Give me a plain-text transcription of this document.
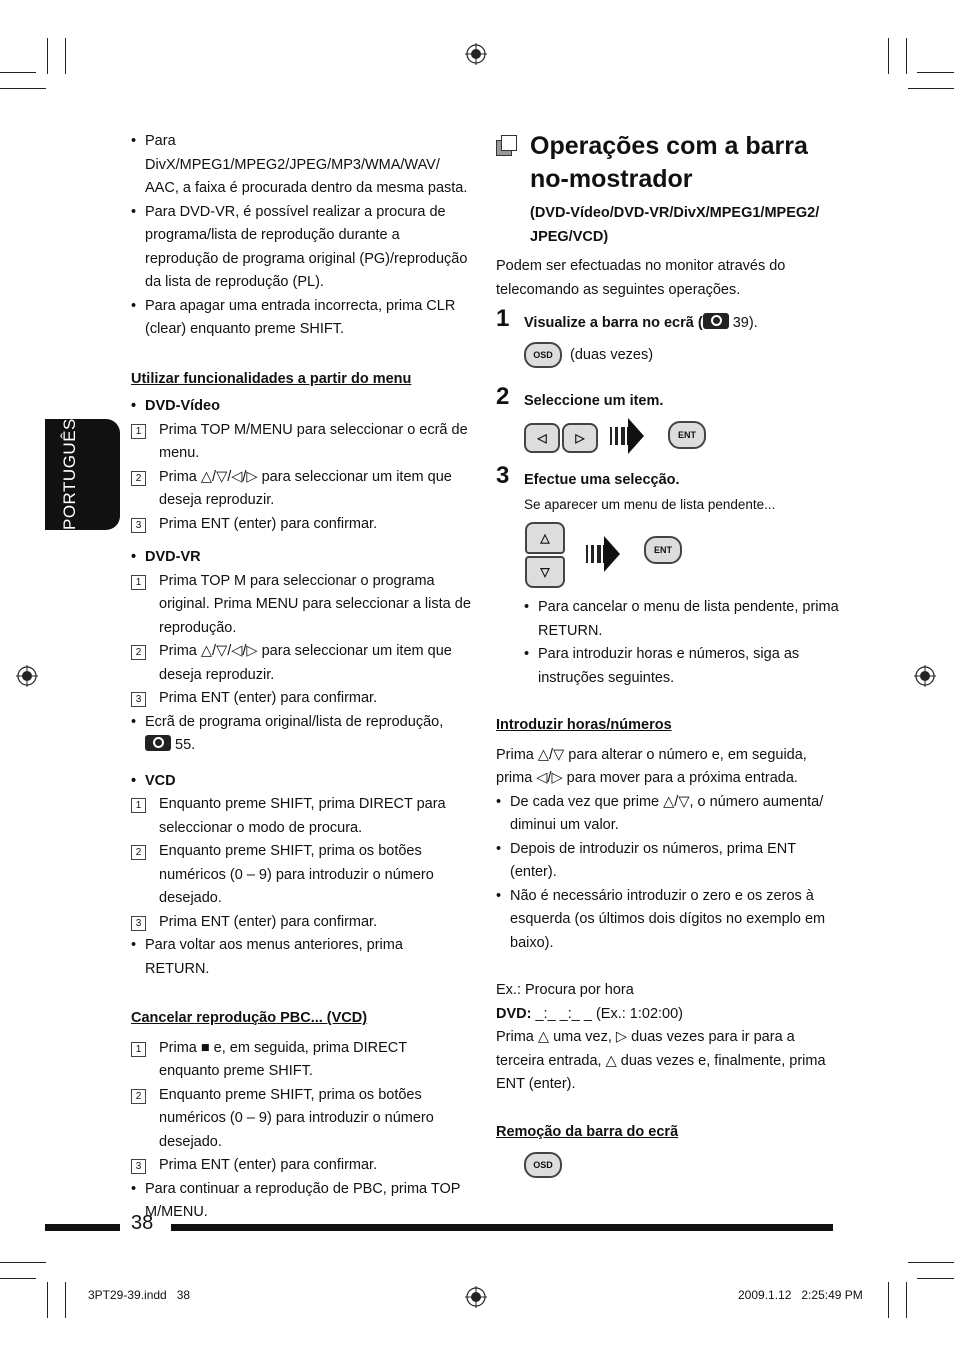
PORTUGUÊS

• Para DivX/MPEG1/MPEG2/JPEG/MP3/WMA/WAV/ AAC, a faixa é procurada dentro da mesma pasta.

• Para DVD-VR, é possível realizar a procura de programa/lista de reprodução durante a reprodução de programa original (PG)/reprodução da lista de reprodução (PL).

• Para apagar uma entrada incorrecta, prima CLR (clear) enquanto preme SHIFT.

Utilizar funcionalidades a partir do menu

• DVD-Vídeo

1	Prima TOP M/MENU para seleccionar o ecrã de menu.

2	Prima △/▽/◁/▷ para seleccionar um item que deseja reproduzir.

3	Prima ENT (enter) para confirmar.

• DVD-VR

1	Prima TOP M para seleccionar o programa original. Prima MENU para seleccionar a lista de reprodução.

2	Prima △/▽/◁/▷ para seleccionar um item que deseja reproduzir.

3	Prima ENT (enter) para confirmar.

• Ecrã de programa original/lista de reprodução,
55.

• VCD

1	Enquanto preme SHIFT, prima DIRECT para seleccionar o modo de procura.

2	Enquanto preme SHIFT, prima os botões numéricos (0 – 9) para introduzir o número desejado.

3	Prima ENT (enter) para confirmar.

• Para voltar aos menus anteriores, prima RETURN.

Cancelar reprodução PBC... (VCD)

1	Prima ■ e, em seguida, prima DIRECT enquanto preme SHIFT.

2	Enquanto preme SHIFT, prima os botões numéricos (0 – 9) para introduzir o número desejado.

3	Prima ENT (enter) para confirmar.

• Para continuar a reprodução de PBC, prima TOP M/MENU.

Operações com a barra
no-mostrador
(DVD-Vídeo/DVD-VR/DivX/MPEG1/MPEG2/ JPEG/VCD)

Podem ser efectuadas no monitor através do telecomando as seguintes operações.

1 Visualize a barra no ecrã ( 39).
OSD (duas vezes)
2 Seleccione um item.
◁	▷	ENT
3 Efectue uma selecção.
Se aparecer um menu de lista pendente...
△
▽
ENT

• Para cancelar o menu de lista pendente, prima RETURN.

• Para introduzir horas e números, siga as instruções seguintes.

Introduzir horas/números

Prima △/▽ para alterar o número e, em seguida, prima ◁/▷ para mover para a próxima entrada.

• De cada vez que prime △/▽, o número aumenta/ diminui um valor.

• Depois de introduzir os números, prima ENT (enter).

• Não é necessário introduzir o zero e os zeros à esquerda (os últimos dois dígitos no exemplo em baixo).

Ex.: Procura por hora

DVD: _:_ _:_ _ (Ex.: 1:02:00)

Prima △ uma vez, ▷ duas vezes para ir para a terceira entrada, △ duas vezes e, finalmente, prima ENT (enter).

Remoção da barra do ecrã

OSD
38
3PT29-39.indd   38	2009.1.12   2:25:49 PM
